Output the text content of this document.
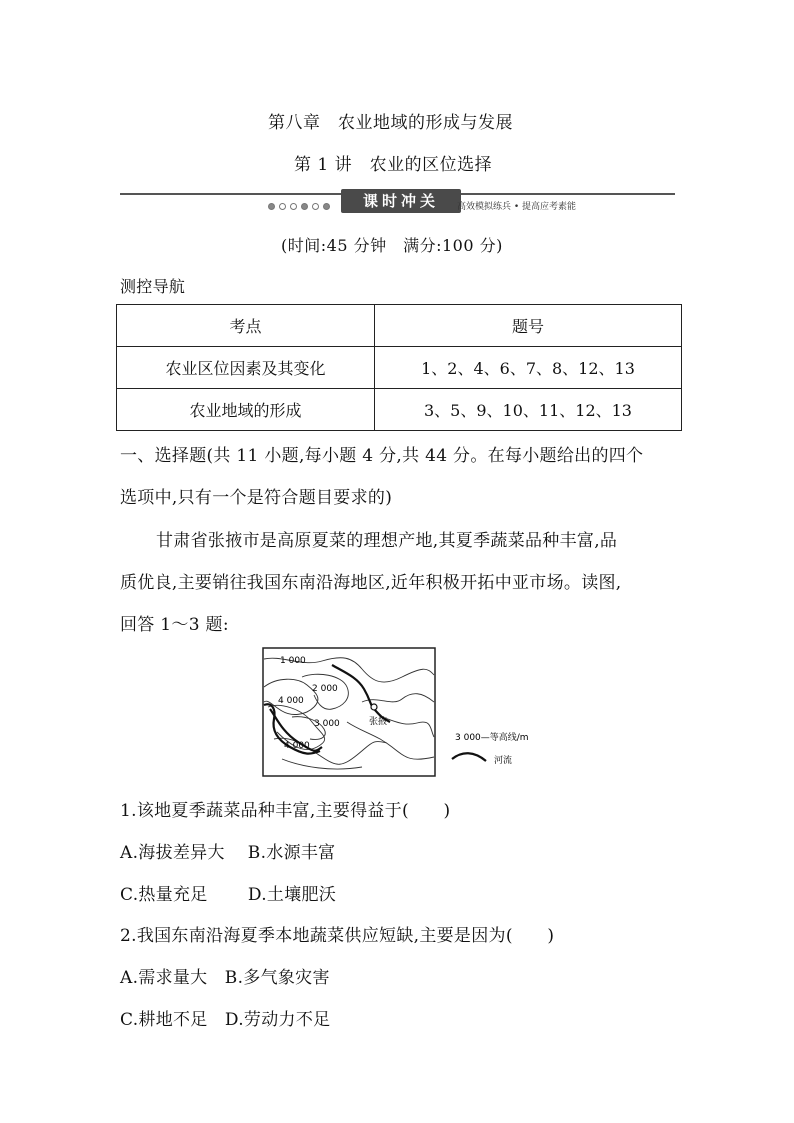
第八章　农业地域的形成与发展
第 1 讲　农业的区位选择
课时冲关	高效模拟练兵 • 提高应考素能
(时间:45 分钟　满分:100 分)
测控导航
考点	题号
农业区位因素及其变化	1、2、4、6、7、8、12、13
农业地域的形成	3、5、9、10、11、12、13
一、选择题(共 11 小题,每小题 4 分,共 44 分。在每小题给出的四个
选项中,只有一个是符合题目要求的)
甘肃省张掖市是高原夏菜的理想产地,其夏季蔬菜品种丰富,品
质优良,主要销往我国东南沿海地区,近年积极开拓中亚市场。读图,
回答 1～3 题:
1 000
2 000
4 000
3 000
4 000
张掖
3 000—等高线/m
河流
1.该地夏季蔬菜品种丰富,主要得益于(　　)
A.海拔差异大　 B.水源丰富
C.热量充足　　 D.土壤肥沃
2.我国东南沿海夏季本地蔬菜供应短缺,主要是因为(　　)
A.需求量大　B.多气象灾害
C.耕地不足　D.劳动力不足
